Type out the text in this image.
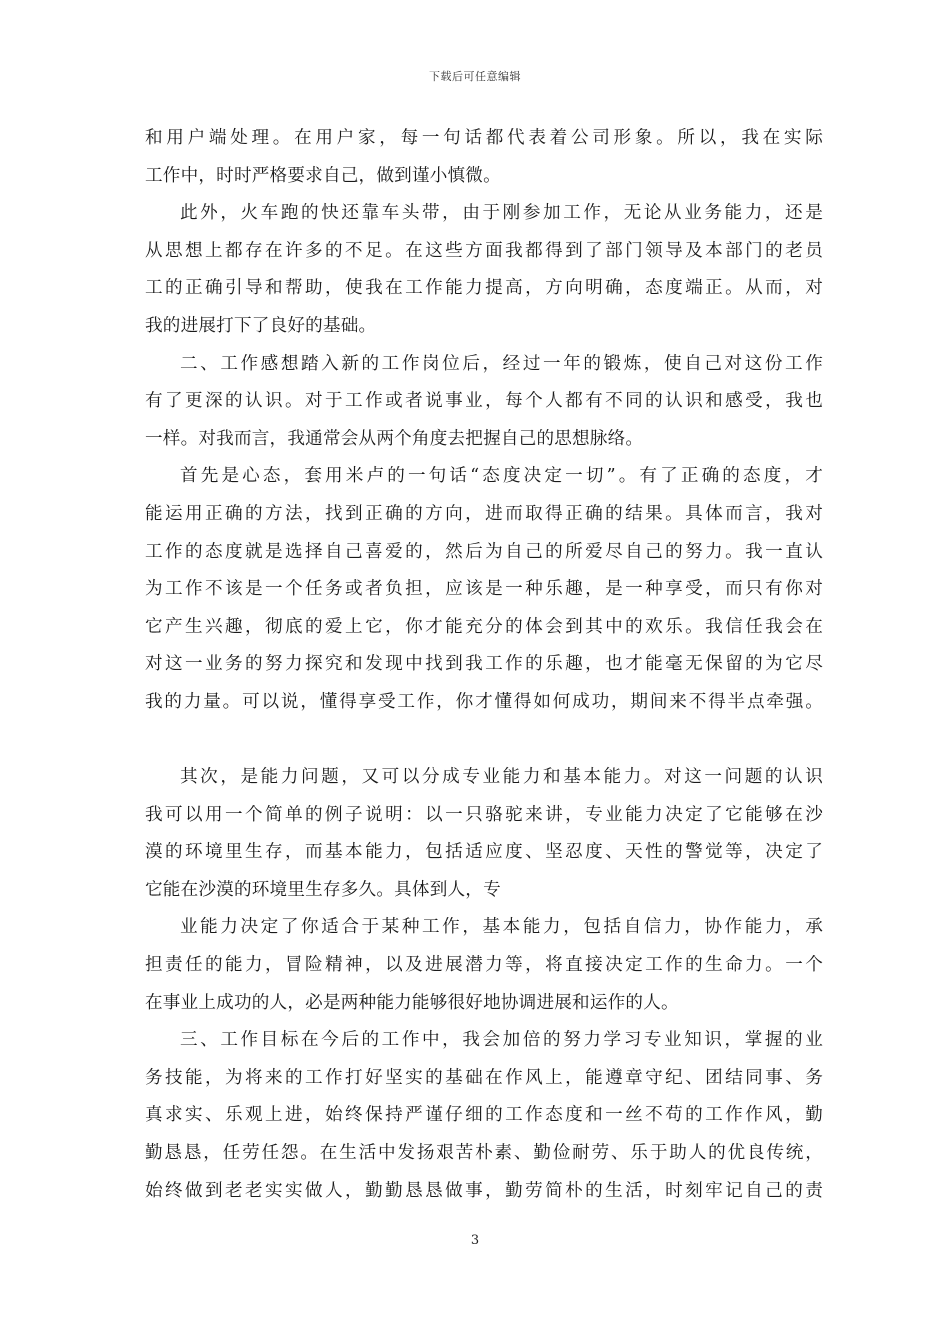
下载后可任意编辑
和用户端处理。在用户家，每一句话都代表着公司形象。所以，我在实际
工作中，时时严格要求自己，做到谨小慎微。
此外，火车跑的快还靠车头带，由于刚参加工作，无论从业务能力，还是
从思想上都存在许多的不足。在这些方面我都得到了部门领导及本部门的老员
工的正确引导和帮助，使我在工作能力提高，方向明确，态度端正。从而，对
我的进展打下了良好的基础。
二、工作感想踏入新的工作岗位后，经过一年的锻炼，使自己对这份工作
有了更深的认识。对于工作或者说事业，每个人都有不同的认识和感受，我也
一样。对我而言，我通常会从两个角度去把握自己的思想脉络。
首先是心态，套用米卢的一句话“态度决定一切”。有了正确的态度，才
能运用正确的方法，找到正确的方向，进而取得正确的结果。具体而言，我对
工作的态度就是选择自己喜爱的，然后为自己的所爱尽自己的努力。我一直认
为工作不该是一个任务或者负担，应该是一种乐趣，是一种享受，而只有你对
它产生兴趣，彻底的爱上它，你才能充分的体会到其中的欢乐。我信任我会在
对这一业务的努力探究和发现中找到我工作的乐趣，也才能毫无保留的为它尽
我的力量。可以说，懂得享受工作，你才懂得如何成功，期间来不得半点牵强。
其次，是能力问题，又可以分成专业能力和基本能力。对这一问题的认识
我可以用一个简单的例子说明：以一只骆驼来讲，专业能力决定了它能够在沙
漠的环境里生存，而基本能力，包括适应度、坚忍度、天性的警觉等，决定了
它能在沙漠的环境里生存多久。具体到人，专
业能力决定了你适合于某种工作，基本能力，包括自信力，协作能力，承
担责任的能力，冒险精神，以及进展潜力等，将直接决定工作的生命力。一个
在事业上成功的人，必是两种能力能够很好地协调进展和运作的人。
三、工作目标在今后的工作中，我会加倍的努力学习专业知识，掌握的业
务技能，为将来的工作打好坚实的基础在作风上，能遵章守纪、团结同事、务
真求实、乐观上进，始终保持严谨仔细的工作态度和一丝不苟的工作作风，勤
勤恳恳，任劳任怨。在生活中发扬艰苦朴素、勤俭耐劳、乐于助人的优良传统，
始终做到老老实实做人，勤勤恳恳做事，勤劳简朴的生活，时刻牢记自己的责
3
